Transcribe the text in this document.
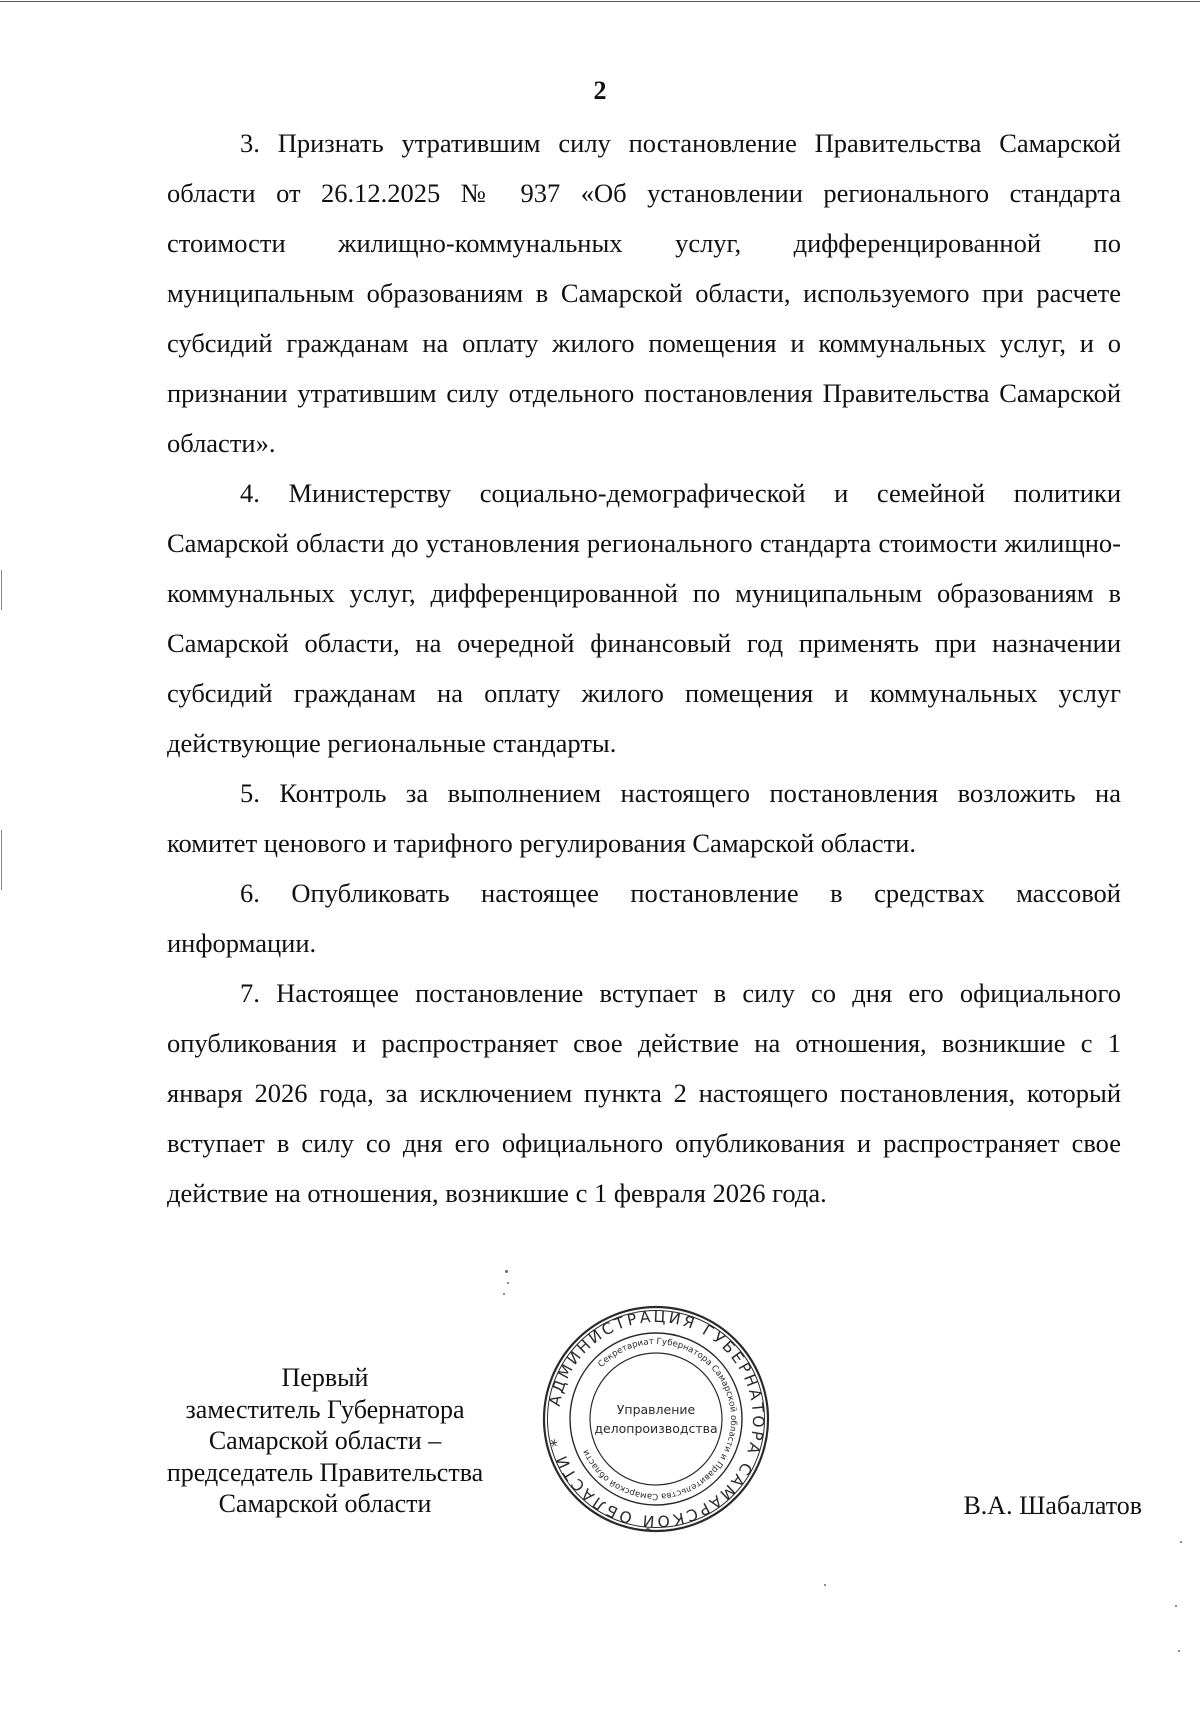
2

3. Признать утратившим силу постановление Правительства Самарской области от 26.12.2025 № 937 «Об установлении регионального стандарта стоимости жилищно-коммунальных услуг, дифференцированной по муниципальным образованиям в Самарской области, используемого при расчете субсидий гражданам на оплату жилого помещения и коммунальных услуг, и о признании утратившим силу отдельного постановления Правительства Самарской области».

4. Министерству социально-демографической и семейной политики Самарской области до установления регионального стандарта стоимости жилищно-коммунальных услуг, дифференцированной по муниципальным образованиям в Самарской области, на очередной финансовый год применять при назначении субсидий гражданам на оплату жилого помещения и коммунальных услуг действующие региональные стандарты.

5. Контроль за выполнением настоящего постановления возложить на комитет ценового и тарифного регулирования Самарской области.

6. Опубликовать настоящее постановление в средствах массовой информации.

7. Настоящее постановление вступает в силу со дня его официального опубликования и распространяет свое действие на отношения, возникшие с 1 января 2026 года, за исключением пункта 2 настоящего постановления, который вступает в силу со дня его официального опубликования и распространяет свое действие на отношения, возникшие с 1 февраля 2026 года.

Первый
заместитель Губернатора
Самарской области –
председатель Правительства
Самарской области
АДМИНИСТРАЦИЯ ГУБЕРНАТОРА САМАРСКОЙ ОБЛАСТИ *
Секретариат Губернатора Самарской области и Правительства Самарской области
Управление
делопроизводства
В.А. Шабалатов
